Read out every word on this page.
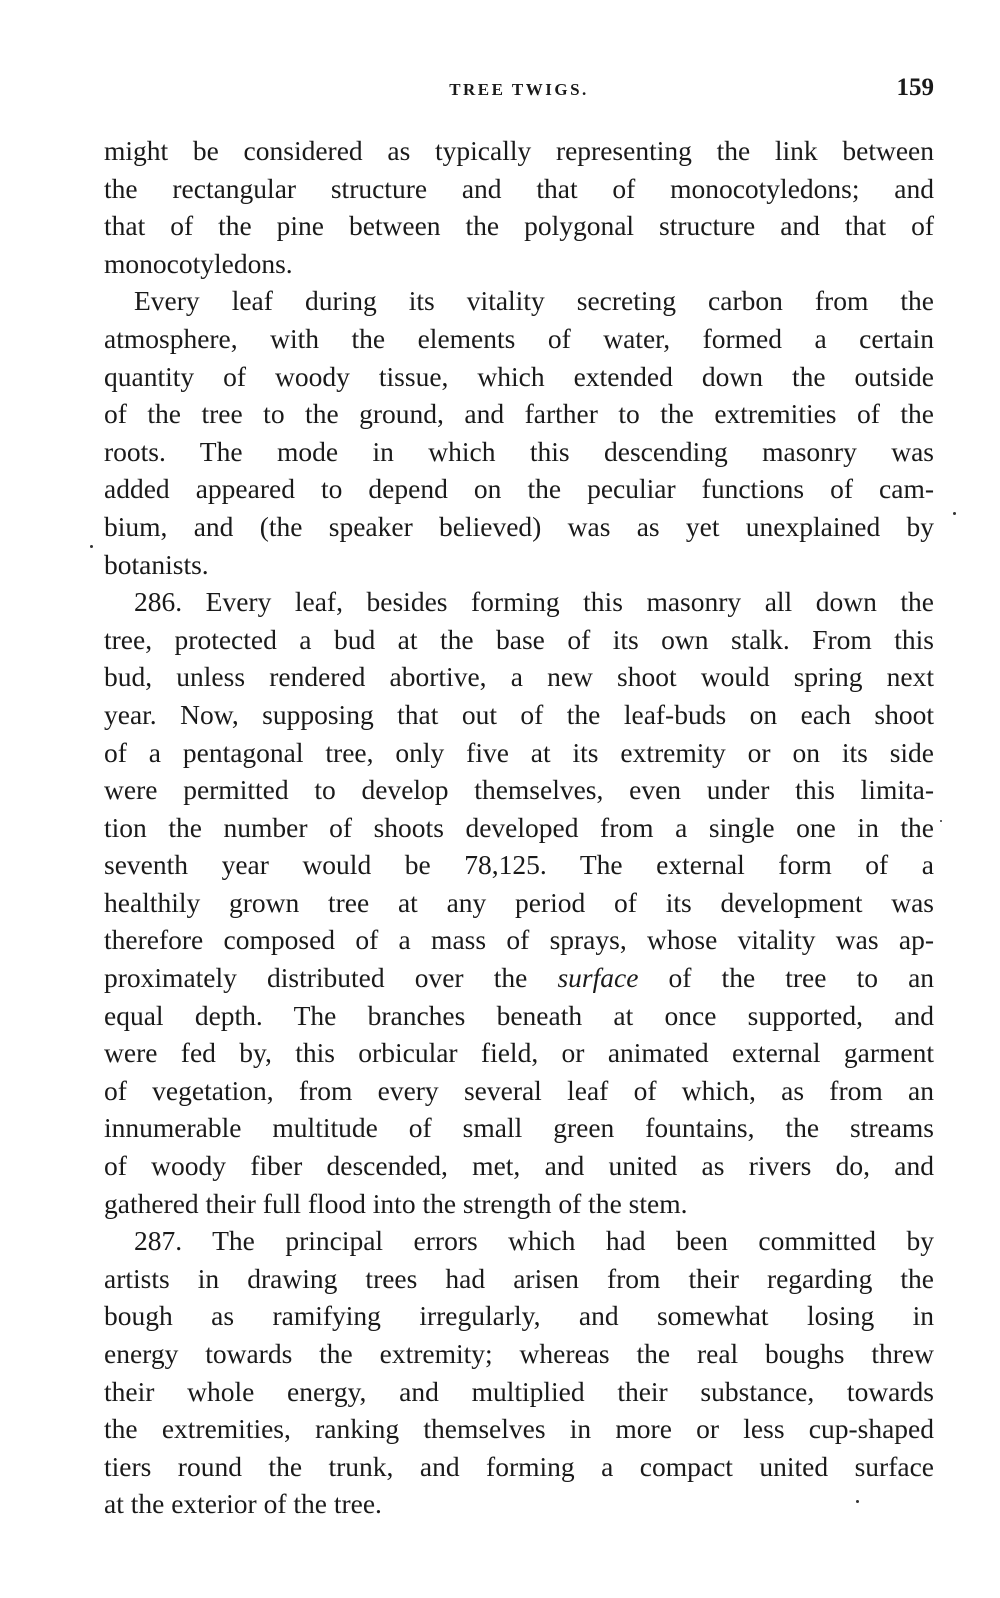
TREE TWIGS.	159
might be considered as typically representing the link between
the rectangular structure and that of monocotyledons; and
that of the pine between the polygonal structure and that of
monocotyledons.
Every leaf during its vitality secreting carbon from the
atmosphere, with the elements of water, formed a certain
quantity of woody tissue, which extended down the outside
of the tree to the ground, and farther to the extremities of the
roots. The mode in which this descending masonry was
added appeared to depend on the peculiar functions of cam-
bium, and (the speaker believed) was as yet unexplained by
botanists.
286. Every leaf, besides forming this masonry all down the
tree, protected a bud at the base of its own stalk. From this
bud, unless rendered abortive, a new shoot would spring next
year. Now, supposing that out of the leaf-buds on each shoot
of a pentagonal tree, only five at its extremity or on its side
were permitted to develop themselves, even under this limita-
tion the number of shoots developed from a single one in the
seventh year would be 78,125. The external form of a
healthily grown tree at any period of its development was
therefore composed of a mass of sprays, whose vitality was ap-
proximately distributed over the surface of the tree to an
equal depth. The branches beneath at once supported, and
were fed by, this orbicular field, or animated external garment
of vegetation, from every several leaf of which, as from an
innumerable multitude of small green fountains, the streams
of woody fiber descended, met, and united as rivers do, and
gathered their full flood into the strength of the stem.
287. The principal errors which had been committed by
artists in drawing trees had arisen from their regarding the
bough as ramifying irregularly, and somewhat losing in
energy towards the extremity; whereas the real boughs threw
their whole energy, and multiplied their substance, towards
the extremities, ranking themselves in more or less cup-shaped
tiers round the trunk, and forming a compact united surface
at the exterior of the tree.
